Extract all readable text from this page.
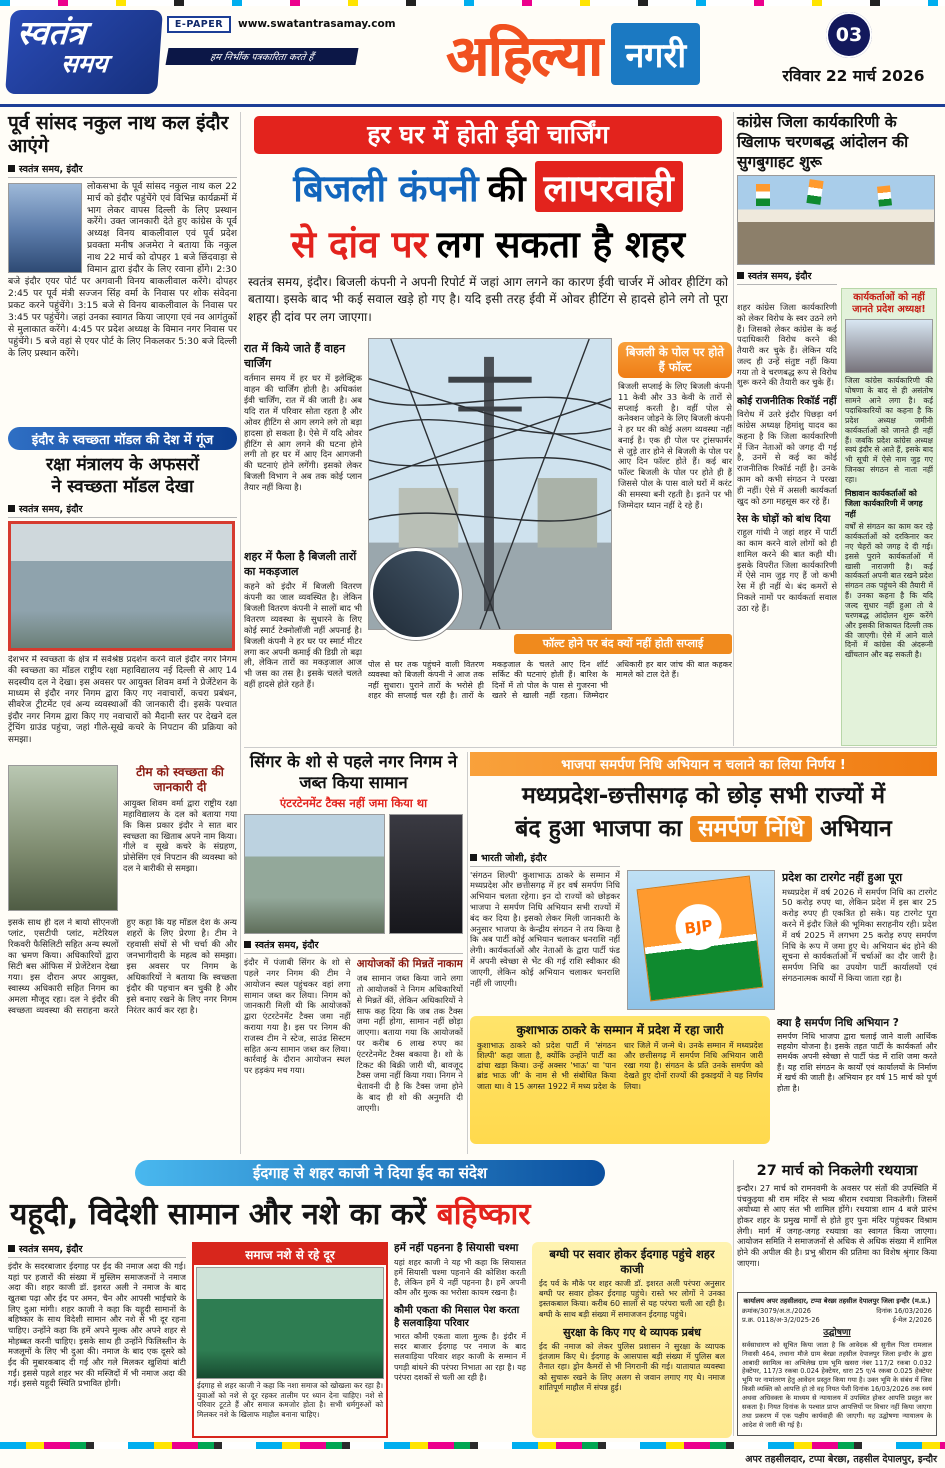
स्वतंत्र
समय
E-PAPER	www.swatantrasamay.com
हम निर्भीक पत्रकारिता करते हैं	अहिल्या नगरी
03
रविवार 22 मार्च 2026
पूर्व सांसद नकुल नाथ कल इंदौर आएंगे
स्वतंत्र समय, इंदौर
लोकसभा के पूर्व सांसद नकुल नाथ कल 22 मार्च को इंदौर पहुंचेंगे एवं विभिन्न कार्यक्रमों में भाग लेकर वापस दिल्ली के लिए प्रस्थान करेंगे। उक्त जानकारी देते हुए कांग्रेस के पूर्व अध्यक्ष विनय बाकलीवाल एवं पूर्व प्रदेश प्रवक्ता मनीष अजमेरा ने बताया कि नकुल नाथ 22 मार्च को दोपहर 1 बजे छिंदवाड़ा से विमान द्वारा इंदौर के लिए रवाना होंगे। 2:30 बजे इंदौर एयर पोर्ट पर अगवानी विनय बाकलीवाल करेंगे। दोपहर 2:45 पर पूर्व मंत्री सज्जन सिंह वर्मा के निवास पर शोक संवेदना प्रकट करने पहुंचेंगे। 3:15 बजे से विनय बाकलीवाल के निवास पर 3:45 पर पहुंचेंगे। जहां उनका स्वागत किया जाएगा एवं नव आगंतुकों से मुलाकात करेंगे। 4:45 पर प्रदेश अध्यक्ष के विमान नगर निवास पर पहुंचेंगे। 5 बजे वहां से एयर पोर्ट के लिए निकलकर 5:30 बजे दिल्ली के लिए प्रस्थान करेंगे।
इंदौर के स्वच्छता मॉडल की देश में गूंज
रक्षा मंत्रालय के अफसरों
ने स्वच्छता मॉडल देखा
स्वतंत्र समय, इंदौर
देशभर में स्वच्छता के क्षेत्र में सर्वश्रेष्ठ प्रदर्शन करने वाले इंदौर नगर निगम की स्वच्छता का मॉडल राष्ट्रीय रक्षा महाविद्यालय नई दिल्ली से आए 14 सदस्यीय दल ने देखा। इस अवसर पर आयुक्त शिवम वर्मा ने प्रेजेंटेशन के माध्यम से इंदौर नगर निगम द्वारा किए गए नवाचारों, कचरा प्रबंधन, सीवरेज ट्रीटमेंट एवं अन्य व्यवस्थाओं की जानकारी दी। इसके पश्चात इंदौर नगर निगम द्वारा किए गए नवाचारों को मैदानी स्तर पर देखने दल ट्रेंचिंग ग्राउंड पहुंचा, जहां गीले-सूखे कचरे के निपटान की प्रक्रिया को समझा।
टीम को स्वच्छता की जानकारी दी
आयुक्त शिवम वर्मा द्वारा राष्ट्रीय रक्षा महाविद्यालय के दल को बताया गया कि किस प्रकार इंदौर ने सात बार स्वच्छता का खिताब अपने नाम किया। गीले व सूखे कचरे के संग्रहण, प्रोसेसिंग एवं निपटान की व्यवस्था को दल ने बारीकी से समझा।
इसके साथ ही दल ने बायो सीएनजी प्लांट, एसटीपी प्लांट, मटेरियल रिकवरी फैसिलिटी सहित अन्य स्थलों का भ्रमण किया। अधिकारियों द्वारा सिटी बस ऑफिस में प्रेजेंटेशन देखा गया। इस दौरान अपर आयुक्त, स्वास्थ्य अधिकारी सहित निगम का अमला मौजूद रहा। दल ने इंदौर की स्वच्छता व्यवस्था की सराहना करते हुए कहा कि यह मॉडल देश के अन्य शहरों के लिए प्रेरणा है। टीम ने रहवासी संघों से भी चर्चा की और जनभागीदारी के महत्व को समझा। इस अवसर पर निगम के अधिकारियों ने बताया कि स्वच्छता इंदौर की पहचान बन चुकी है और इसे बनाए रखने के लिए नगर निगम निरंतर कार्य कर रहा है।
हर घर में होती ईवी चार्जिंग
बिजली कंपनी की लापरवाही
से दांव पर लग सकता है शहर
स्वतंत्र समय, इंदौर। बिजली कंपनी ने अपनी रिपोर्ट में जहां आग लगने का कारण ईवी चार्जर में ओवर हीटिंग को बताया। इसके बाद भी कई सवाल खड़े हो गए है। यदि इसी तरह ईवी में ओवर हीटिंग से हादसे होने लगे तो पूरा शहर ही दांव पर लग जाएगा।
रात में किये जाते हैं वाहन चार्जिंग
वर्तमान समय में हर घर में इलेक्ट्रिक वाहन की चार्जिंग होती है। अधिकांश ईवी चार्जिंग, रात में की जाती है। अब यदि रात में परिवार सोता रहता है और ओवर हीटिंग से आग लगने लगे तो बड़ा हादसा हो सकता है। ऐसे में यदि ओवर हीटिंग से आग लगने की घटना होने लगी तो हर घर में आए दिन आगजनी की घटनाएं होने लगेंगी। इसको लेकर बिजली विभाग ने अब तक कोई प्लान तैयार नहीं किया है।
शहर में फैला है बिजली तारों का मकड़जाल
कहने को इंदौर में बिजली वितरण कंपनी का जाल व्यवस्थित है। लेकिन बिजली वितरण कंपनी ने सालों बाद भी वितरण व्यवस्था के सुधारने के लिए कोई स्मार्ट टेक्नोलॉजी नहीं अपनाई है। बिजली कंपनी ने हर घर पर स्मार्ट मीटर लगा कर अपनी कमाई की डिग्री तो बढ़ा ली, लेकिन तारों का मकड़जाल आज भी जस का तस है। इसके चलते चलते वहीं हादसे होते रहते हैं।
बिजली के पोल पर होते हैं फॉल्ट
बिजली सप्लाई के लिए बिजली कंपनी 11 केवी और 33 केवी के तारों से सप्लाई करती है। वहीं पोल से कनेक्शन जोड़ने के लिए बिजली कंपनी ने हर घर की कोई अलग व्यवस्था नहीं बनाई है। एक ही पोल पर ट्रांसफार्मर से जुड़े तार होने से बिजली के पोल पर आए दिन फॉल्ट होते हैं। कई बार फॉल्ट बिजली के पोल पर होते ही हैं जिससे पोल के पास वाले घरों में करंट की समस्या बनी रहती है। इतने पर भी जिम्मेदार ध्यान नहीं दे रहे हैं।
फॉल्ट होने पर बंद क्यों नहीं होती सप्लाई
पोल से घर तक पहुंचने वाली वितरण व्यवस्था को बिजली कंपनी ने आज तक नहीं सुधारा। पुराने तारों के भरोसे ही शहर की सप्लाई चल रही है। तारों के मकड़जाल के चलते आए दिन शॉर्ट सर्किट की घटनाएं होती हैं। बारिश के दिनों में तो पोल के पास से गुजरना भी खतरे से खाली नहीं रहता। जिम्मेदार अधिकारी हर बार जांच की बात कहकर मामले को टाल देते हैं।
कांग्रेस जिला कार्यकारिणी के खिलाफ चरणबद्ध आंदोलन की सुगबुगाहट शुरू
स्वतंत्र समय, इंदौर
शहर कांग्रेस जिला कार्यकारिणी को लेकर विरोध के स्वर उठने लगे हैं। जिसको लेकर कांग्रेस के कई पदाधिकारी विरोध करने की तैयारी कर चुके हैं। लेकिन यदि जल्द ही उन्हें संतुष्ट नहीं किया गया तो वे चरणबद्ध रूप से विरोध शुरू करने की तैयारी कर चुके हैं।
कोई राजनीतिक रिकॉर्ड नहीं
विरोध में उतरे इंदौर पिछड़ा वर्ग कांग्रेस अध्यक्ष हिमांशु यादव का कहना है कि जिला कार्यकारिणी में जिन नेताओं को जगह दी गई है, उनमें से कई का कोई राजनीतिक रिकॉर्ड नहीं है। उनके काम को कभी संगठन ने परखा ही नहीं। ऐसे में असली कार्यकर्ता खुद को ठगा महसूस कर रहे हैं।
रेस के घोड़ों को बांध दिया
राहुल गांधी ने जहां शहर में पार्टी का काम करने वाले लोगों को ही शामिल करने की बात कही थी। इसके विपरीत जिला कार्यकारिणी में ऐसे नाम जुड़ गए हैं जो कभी रेस में ही नहीं थे। बंद कमरों से निकले नामों पर कार्यकर्ता सवाल उठा रहे हैं।
कार्यकर्ताओं को नहीं जानते प्रदेश अध्यक्ष!
जिला कांग्रेस कार्यकारिणी की घोषणा के बाद से ही असंतोष सामने आने लगा है। कई पदाधिकारियों का कहना है कि प्रदेश अध्यक्ष जमीनी कार्यकर्ताओं को जानते ही नहीं हैं। जबकि प्रदेश कांग्रेस अध्यक्ष स्वयं इंदौर से आते हैं, इसके बाद भी सूची में ऐसे नाम जुड़ गए जिनका संगठन से नाता नहीं रहा।
निष्ठावान कार्यकर्ताओं को जिला कार्यकारिणी में जगह नहीं
वर्षों से संगठन का काम कर रहे कार्यकर्ताओं को दरकिनार कर नए चेहरों को जगह दे दी गई। इससे पुराने कार्यकर्ताओं में खासी नाराजगी है। कई कार्यकर्ता अपनी बात रखने प्रदेश संगठन तक पहुंचने की तैयारी में हैं। उनका कहना है कि यदि जल्द सुधार नहीं हुआ तो वे चरणबद्ध आंदोलन शुरू करेंगे और इसकी शिकायत दिल्ली तक की जाएगी। ऐसे में आने वाले दिनों में कांग्रेस की अंदरूनी खींचतान और बढ़ सकती है।
सिंगर के शो से पहले नगर निगम ने जब्त किया सामान
एंटरटेनमेंट टैक्स नहीं जमा किया था
स्वतंत्र समय, इंदौर
इंदौर में पंजाबी सिंगर के शो से पहले नगर निगम की टीम ने आयोजन स्थल पहुंचकर वहां लगा सामान जब्त कर लिया। निगम को जानकारी मिली थी कि आयोजकों द्वारा एंटरटेनमेंट टैक्स जमा नहीं कराया गया है। इस पर निगम की राजस्व टीम ने स्टेज, साउंड सिस्टम सहित अन्य सामान जब्त कर लिया। कार्रवाई के दौरान आयोजन स्थल पर हड़कंप मच गया।
आयोजकों की मिन्नतें नाकाम
जब सामान जब्त किया जाने लगा तो आयोजकों ने निगम अधिकारियों से मिन्नतें कीं, लेकिन अधिकारियों ने साफ कह दिया कि जब तक टैक्स जमा नहीं होगा, सामान नहीं छोड़ा जाएगा। बताया गया कि आयोजकों पर करीब 6 लाख रुपए का एंटरटेनमेंट टैक्स बकाया है। शो के टिकट की बिक्री जारी थी, बावजूद टैक्स जमा नहीं किया गया। निगम ने चेतावनी दी है कि टैक्स जमा होने के बाद ही शो की अनुमति दी जाएगी।
भाजपा समर्पण निधि अभियान न चलाने का लिया निर्णय !
मध्यप्रदेश-छत्तीसगढ़ को छोड़ सभी राज्यों में
बंद हुआ भाजपा का समर्पण निधि अभियान
भारती जोशी, इंदौर
'संगठन शिल्पी' कुशाभाऊ ठाकरे के सम्मान में मध्यप्रदेश और छत्तीसगढ़ में हर वर्ष समर्पण निधि अभियान चलता रहेगा। इन दो राज्यों को छोड़कर भाजपा ने समर्पण निधि अभियान सभी राज्यों में बंद कर दिया है। इसको लेकर मिली जानकारी के अनुसार भाजपा के केन्द्रीय संगठन ने तय किया है कि अब पार्टी कोई अभियान चलाकर धनराशि नहीं लेगी। कार्यकर्ताओं और नेताओं के द्वारा पार्टी फंड में अपनी स्वेच्छा से भेंट की गई राशि स्वीकार की जाएगी, लेकिन कोई अभियान चलाकर धनराशि नहीं ली जाएगी।
BJP
प्रदेश का टारगेट नहीं हुआ पूरा
मध्यप्रदेश में वर्ष 2026 में समर्पण निधि का टारगेट 50 करोड़ रुपए था, लेकिन प्रदेश में इस बार 25 करोड़ रुपए ही एकत्रित हो सके। यह टारगेट पूरा करने में इंदौर जिले की भूमिका सराहनीय रही। प्रदेश में वर्ष 2025 में लगभग 25 करोड़ रुपए समर्पण निधि के रूप में जमा हुए थे। अभियान बंद होने की सूचना से कार्यकर्ताओं में चर्चाओं का दौर जारी है। समर्पण निधि का उपयोग पार्टी कार्यालयों एवं संगठनात्मक कार्यों में किया जाता रहा है।
कुशाभाऊ ठाकरे के सम्मान में प्रदेश में रहा जारी
कुशाभाऊ ठाकरे को प्रदेश पार्टी में 'संगठन शिल्पी' कहा जाता है, क्योंकि उन्होंने पार्टी का ढांचा खड़ा किया। उन्हें अक्सर 'भाऊ' या 'पान ब्रांड भाऊ जी' के नाम से भी संबोधित किया जाता था। वे 15 अगस्त 1922 में मध्य प्रदेश के धार जिले में जन्मे थे। उनके सम्मान में मध्यप्रदेश और छत्तीसगढ़ में समर्पण निधि अभियान जारी रखा गया है। संगठन के प्रति उनके समर्पण को देखते हुए दोनों राज्यों की इकाइयों ने यह निर्णय लिया।
क्या है समर्पण निधि अभियान ?
समर्पण निधि भाजपा द्वारा चलाई जाने वाली आर्थिक सहयोग योजना है। इसके तहत पार्टी के कार्यकर्ता और समर्थक अपनी स्वेच्छा से पार्टी फंड में राशि जमा करते हैं। यह राशि संगठन के कार्यों एवं कार्यालयों के निर्माण में खर्च की जाती है। अभियान हर वर्ष 15 मार्च को पूर्ण होता है।
ईदगाह से शहर काजी ने दिया ईद का संदेश
यहूदी, विदेशी सामान और नशे का करें बहिष्कार
स्वतंत्र समय, इंदौर
इंदौर के सदरबाजार ईदगाह पर ईद की नमाज अदा की गई। यहां पर हजारों की संख्या में मुस्लिम समाजजनों ने नमाज अदा की। शहर काजी डॉ. इशरत अली ने नमाज के बाद खुतबा पढ़ा और ईद पर अमन, चैन और आपसी भाईचारे के लिए दुआ मांगी। शहर काजी ने कहा कि यहूदी सामानों के बहिष्कार के साथ विदेशी सामान और नशे से भी दूर रहना चाहिए। उन्होंने कहा कि हमें अपने मुल्क और अपने शहर से मोहब्बत करनी चाहिए। इसके साथ ही उन्होंने फिलिस्तीन के मजलूमों के लिए भी दुआ की। नमाज के बाद एक दूसरे को ईद की मुबारकबाद दी गई और गले मिलकर खुशियां बांटी गईं। इससे पहले शहर भर की मस्जिदों में भी नमाज अदा की गई। इससे यहूदी स्थिति प्रभावित होगी।
समाज नशे से रहे दूर
ईदगाह से शहर काजी ने कहा कि नशा समाज को खोखला कर रहा है। युवाओं को नशे से दूर रहकर तालीम पर ध्यान देना चाहिए। नशे से परिवार टूटते हैं और समाज कमजोर होता है। सभी धर्मगुरुओं को मिलकर नशे के खिलाफ माहौल बनाना चाहिए।
हमें नहीं पहनना है सियासी चश्मा
यहां शहर काजी ने यह भी कहा कि सियासत हमें सियासी चश्मा पहनाने की कोशिश करती है, लेकिन हमें ये नहीं पहनना है। हमें अपनी कौम और मुल्क का भरोसा कायम रखना है।
कौमी एकता की मिसाल पेश करता है सलवाड़िया परिवार
भारत कौमी एकता वाला मुल्क है। इंदौर में सदर बाजार ईदगाह पर नमाज के बाद सलवाड़िया परिवार शहर काजी के सम्मान में पगड़ी बांधने की परंपरा निभाता आ रहा है। यह परंपरा दशकों से चली आ रही है।
बग्घी पर सवार होकर ईदगाह पहुंचे शहर काजी
ईद पर्व के मौके पर शहर काजी डॉ. इशरत अली परंपरा अनुसार बग्घी पर सवार होकर ईदगाह पहुंचे। रास्ते भर लोगों ने उनका इस्तकबाल किया। करीब 60 सालों से यह परंपरा चली आ रही है। बग्घी के साथ बड़ी संख्या में समाजजन ईदगाह पहुंचे।
सुरक्षा के किए गए थे व्यापक प्रबंध
ईद की नमाज को लेकर पुलिस प्रशासन ने सुरक्षा के व्यापक इंतजाम किए थे। ईदगाह के आसपास बड़ी संख्या में पुलिस बल तैनात रहा। ड्रोन कैमरों से भी निगरानी की गई। यातायात व्यवस्था को सुचारू रखने के लिए अलग से जवान लगाए गए थे। नमाज शांतिपूर्ण माहौल में संपन्न हुई।
27 मार्च को निकलेगी रथयात्रा
इन्दौर। 27 मार्च को रामनवमी के अवसर पर संतों की उपस्थिति में पंचकुइया श्री राम मंदिर से भव्य श्रीराम रथयात्रा निकलेगी। जिसमें अयोध्या से आए संत भी शामिल होंगे। रथयात्रा शाम 4 बजे प्रारंभ होकर शहर के प्रमुख मार्गों से होते हुए पुनः मंदिर पहुंचकर विश्राम लेगी। मार्ग में जगह-जगह रथयात्रा का स्वागत किया जाएगा। आयोजन समिति ने समाजजनों से अधिक से अधिक संख्या में शामिल होने की अपील की है। प्रभु श्रीराम की प्रतिमा का विशेष श्रृंगार किया जाएगा।
कार्यालय अपर तहसीलदार, टप्पा बेरछा तहसील देपालपुर जिला इन्दौर (म.प्र.)
क्रमांक/3079/अ.त./2026	दिनांक 16/03/2026
प्र.क्र. 0118/अ-3/2/025-26	ई-मेल 2/2026
उद्घोषणा
सर्वसाधारण को सूचित किया जाता है कि आवेदक श्री सुनील पिता रामलाल निवासी 464, तथाना मौजे ग्राम बेरछा तहसील देपालपुर जिला इन्दौर के द्वारा आबादी स्वामित्व का अभिलेख ग्राम भूमि खसरा नंबर 117/2 रकबा 0.032 हेक्टेयर, 117/3 रकबा 0.024 हेक्टेयर, धारा 25 ए/4 रकबा 0.025 हेक्टेयर भूमि पर नामांतरण हेतु आवेदन प्रस्तुत किया गया है। उक्त भूमि के संबंध में जिस किसी व्यक्ति को आपत्ति हो तो वह नियत पेशी दिनांक 16/03/2026 तक स्वयं अथवा अधिवक्ता के माध्यम से न्यायालय में उपस्थित होकर आपत्ति प्रस्तुत कर सकता है। नियत दिनांक के पश्चात प्राप्त आपत्तियों पर विचार नहीं किया जाएगा तथा प्रकरण में एक पक्षीय कार्यवाही की जाएगी। यह उद्घोषणा न्यायालय के आदेश से जारी की गई है।
अपर तहसीलदार, टप्पा बेरछा, तहसील देपालपुर, इन्दौर
